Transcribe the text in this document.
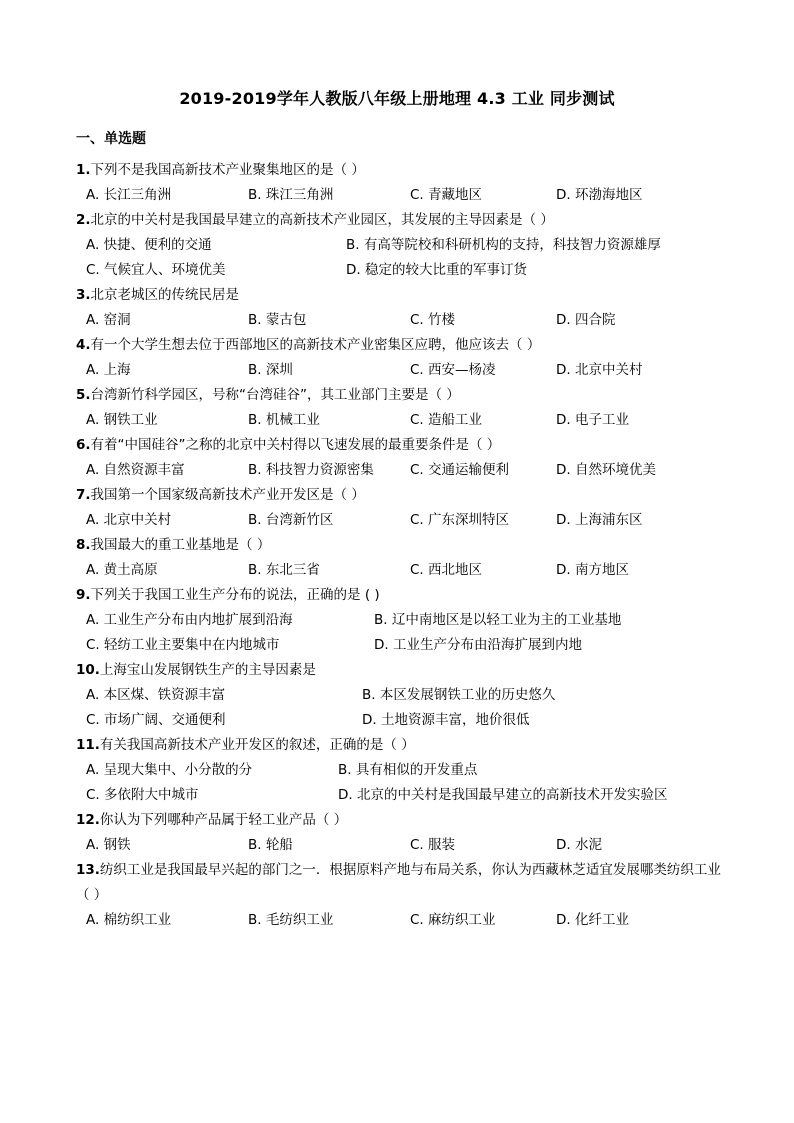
2019-2019学年人教版八年级上册地理 4.3 工业 同步测试
一、单选题
1.下列不是我国高新技术产业聚集地区的是（ ）
A. 长江三角洲	B. 珠江三角洲	C. 青藏地区	D. 环渤海地区
2.北京的中关村是我国最早建立的高新技术产业园区，其发展的主导因素是（ ）
A. 快捷、便利的交通	B. 有高等院校和科研机构的支持，科技智力资源雄厚
C. 气候宜人、环境优美	D. 稳定的较大比重的军事订货
3.北京老城区的传统民居是
A. 窑洞	B. 蒙古包	C. 竹楼	D. 四合院
4.有一个大学生想去位于西部地区的高新技术产业密集区应聘，他应该去（ ）
A. 上海	B. 深圳	C. 西安—杨凌	D. 北京中关村
5.台湾新竹科学园区，号称“台湾硅谷”，其工业部门主要是（ ）
A. 钢铁工业	B. 机械工业	C. 造船工业	D. 电子工业
6.有着“中国硅谷”之称的北京中关村得以飞速发展的最重要条件是（ ）
A. 自然资源丰富	B. 科技智力资源密集	C. 交通运输便利	D. 自然环境优美
7.我国第一个国家级高新技术产业开发区是（ ）
A. 北京中关村	B. 台湾新竹区	C. 广东深圳特区	D. 上海浦东区
8.我国最大的重工业基地是（ ）
A. 黄土高原	B. 东北三省	C. 西北地区	D. 南方地区
9.下列关于我国工业生产分布的说法，正确的是 ( )
A. 工业生产分布由内地扩展到沿海	B. 辽中南地区是以轻工业为主的工业基地
C. 轻纺工业主要集中在内地城市	D. 工业生产分布由沿海扩展到内地
10.上海宝山发展钢铁生产的主导因素是
A. 本区煤、铁资源丰富	B. 本区发展钢铁工业的历史悠久
C. 市场广阔、交通便利	D. 土地资源丰富，地价很低
11.有关我国高新技术产业开发区的叙述，正确的是（ ）
A. 呈现大集中、小分散的分	B. 具有相似的开发重点
C. 多依附大中城市	D. 北京的中关村是我国最早建立的高新技术开发实验区
12.你认为下列哪种产品属于轻工业产品（ ）
A. 钢铁	B. 轮船	C. 服装	D. 水泥
13.纺织工业是我国最早兴起的部门之一．根据原料产地与布局关系，你认为西藏林芝适宜发展哪类纺织工业（ ）
A. 棉纺织工业	B. 毛纺织工业	C. 麻纺织工业	D. 化纤工业
